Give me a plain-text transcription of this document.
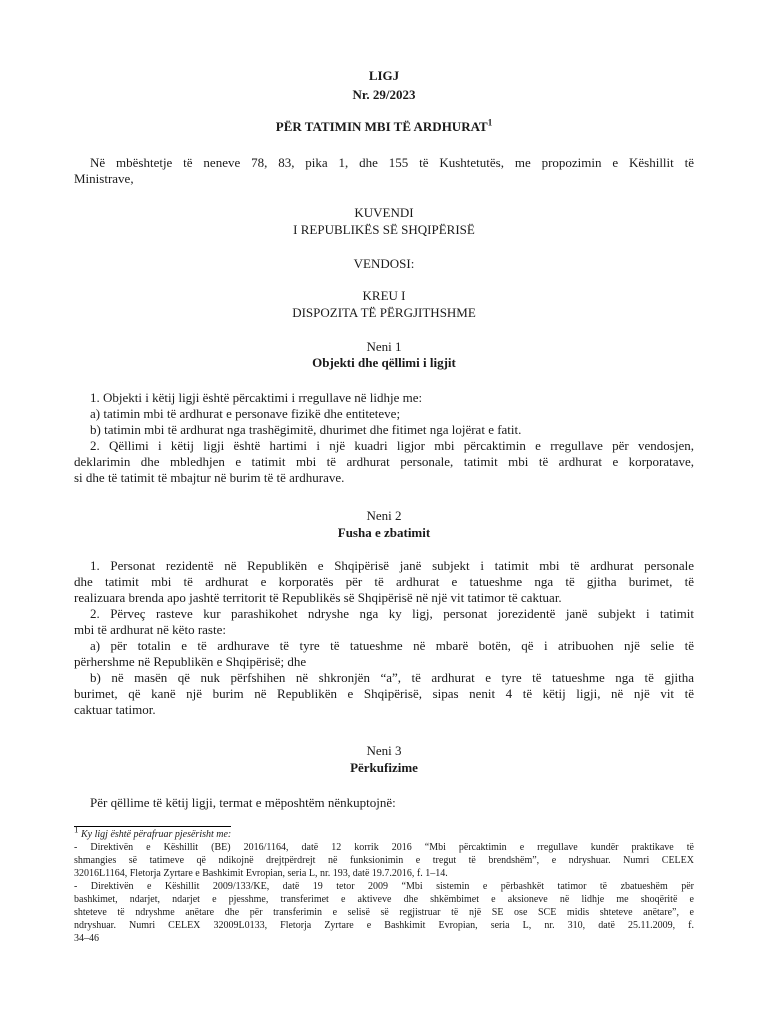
LIGJ

Nr. 29/2023

PËR TATIMIN MBI TË ARDHURAT$^1$

Në mbështetje të neneve 78, 83, pika 1, dhe 155 të Kushtetutës, me propozimin e Këshillit të
Ministrave,

KUVENDI

I REPUBLIKËS SË SHQIPËRISË

VENDOSI:

KREU I

DISPOZITA TË PËRGJITHSHME

Neni 1

Objekti dhe qëllimi i ligjit

1. Objekti i këtij ligji është përcaktimi i rregullave në lidhje me:
a) tatimin mbi të ardhurat e personave fizikë dhe entiteteve;
b) tatimin mbi të ardhurat nga trashëgimitë, dhurimet dhe fitimet nga lojërat e fatit.
2. Qëllimi i këtij ligji është hartimi i një kuadri ligjor mbi përcaktimin e rregullave për vendosjen,
deklarimin dhe mbledhjen e tatimit mbi të ardhurat personale, tatimit mbi të ardhurat e korporatave,
si dhe të tatimit të mbajtur në burim të të ardhurave.

Neni 2

Fusha e zbatimit

1. Personat rezidentë në Republikën e Shqipërisë janë subjekt i tatimit mbi të ardhurat personale
dhe tatimit mbi të ardhurat e korporatës për të ardhurat e tatueshme nga të gjitha burimet, të
realizuara brenda apo jashtë territorit të Republikës së Shqipërisë në një vit tatimor të caktuar.
2. Përveç rasteve kur parashikohet ndryshe nga ky ligj, personat jorezidentë janë subjekt i tatimit
mbi të ardhurat në këto raste:
a) për totalin e të ardhurave të tyre të tatueshme në mbarë botën, që i atribuohen një selie të
përhershme në Republikën e Shqipërisë; dhe
b) në masën që nuk përfshihen në shkronjën “a”, të ardhurat e tyre të tatueshme nga të gjitha
burimet, që kanë një burim në Republikën e Shqipërisë, sipas nenit 4 të këtij ligji, në një vit të
caktuar tatimor.

Neni 3

Përkufizime

Për qëllime të këtij ligji, termat e mëposhtëm nënkuptojnë:
$^1$ Ky ligj është përafruar pjesërisht me:
- Direktivën e Këshillit (BE) 2016/1164, datë 12 korrik 2016 “Mbi përcaktimin e rregullave kundër praktikave të
shmangies së tatimeve që ndikojnë drejtpërdrejt në funksionimin e tregut të brendshëm”, e ndryshuar. Numri CELEX
32016L1164, Fletorja Zyrtare e Bashkimit Evropian, seria L, nr. 193, datë 19.7.2016, f. 1–14.
- Direktivën e Këshillit 2009/133/KE, datë 19 tetor 2009 “Mbi sistemin e përbashkët tatimor të zbatueshëm për
bashkimet, ndarjet, ndarjet e pjesshme, transferimet e aktiveve dhe shkëmbimet e aksioneve në lidhje me shoqëritë e
shteteve të ndryshme anëtare dhe për transferimin e selisë së regjistruar të një SE ose SCE midis shteteve anëtare”, e
ndryshuar. Numri CELEX 32009L0133, Fletorja Zyrtare e Bashkimit Evropian, seria L, nr. 310, datë 25.11.2009, f.
34–46
